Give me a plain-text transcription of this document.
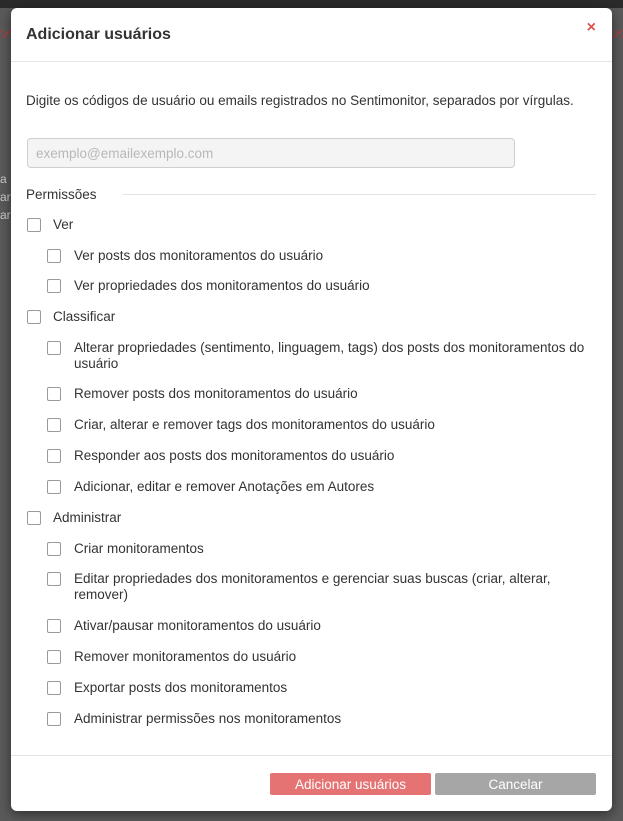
a
ar
ar
Adicionar usuários	×
Digite os códigos de usuário ou emails registrados no Sentimonitor, separados por vírgulas.
exemplo@emailexemplo.com
Permissões
Ver
Ver posts dos monitoramentos do usuário
Ver propriedades dos monitoramentos do usuário
Classificar
Alterar propriedades (sentimento, linguagem, tags) dos posts dos monitoramentos do usuário
Remover posts dos monitoramentos do usuário
Criar, alterar e remover tags dos monitoramentos do usuário
Responder aos posts dos monitoramentos do usuário
Adicionar, editar e remover Anotações em Autores
Administrar
Criar monitoramentos
Editar propriedades dos monitoramentos e gerenciar suas buscas (criar, alterar, remover)
Ativar/pausar monitoramentos do usuário
Remover monitoramentos do usuário
Exportar posts dos monitoramentos
Administrar permissões nos monitoramentos
Adicionar usuários	Cancelar
